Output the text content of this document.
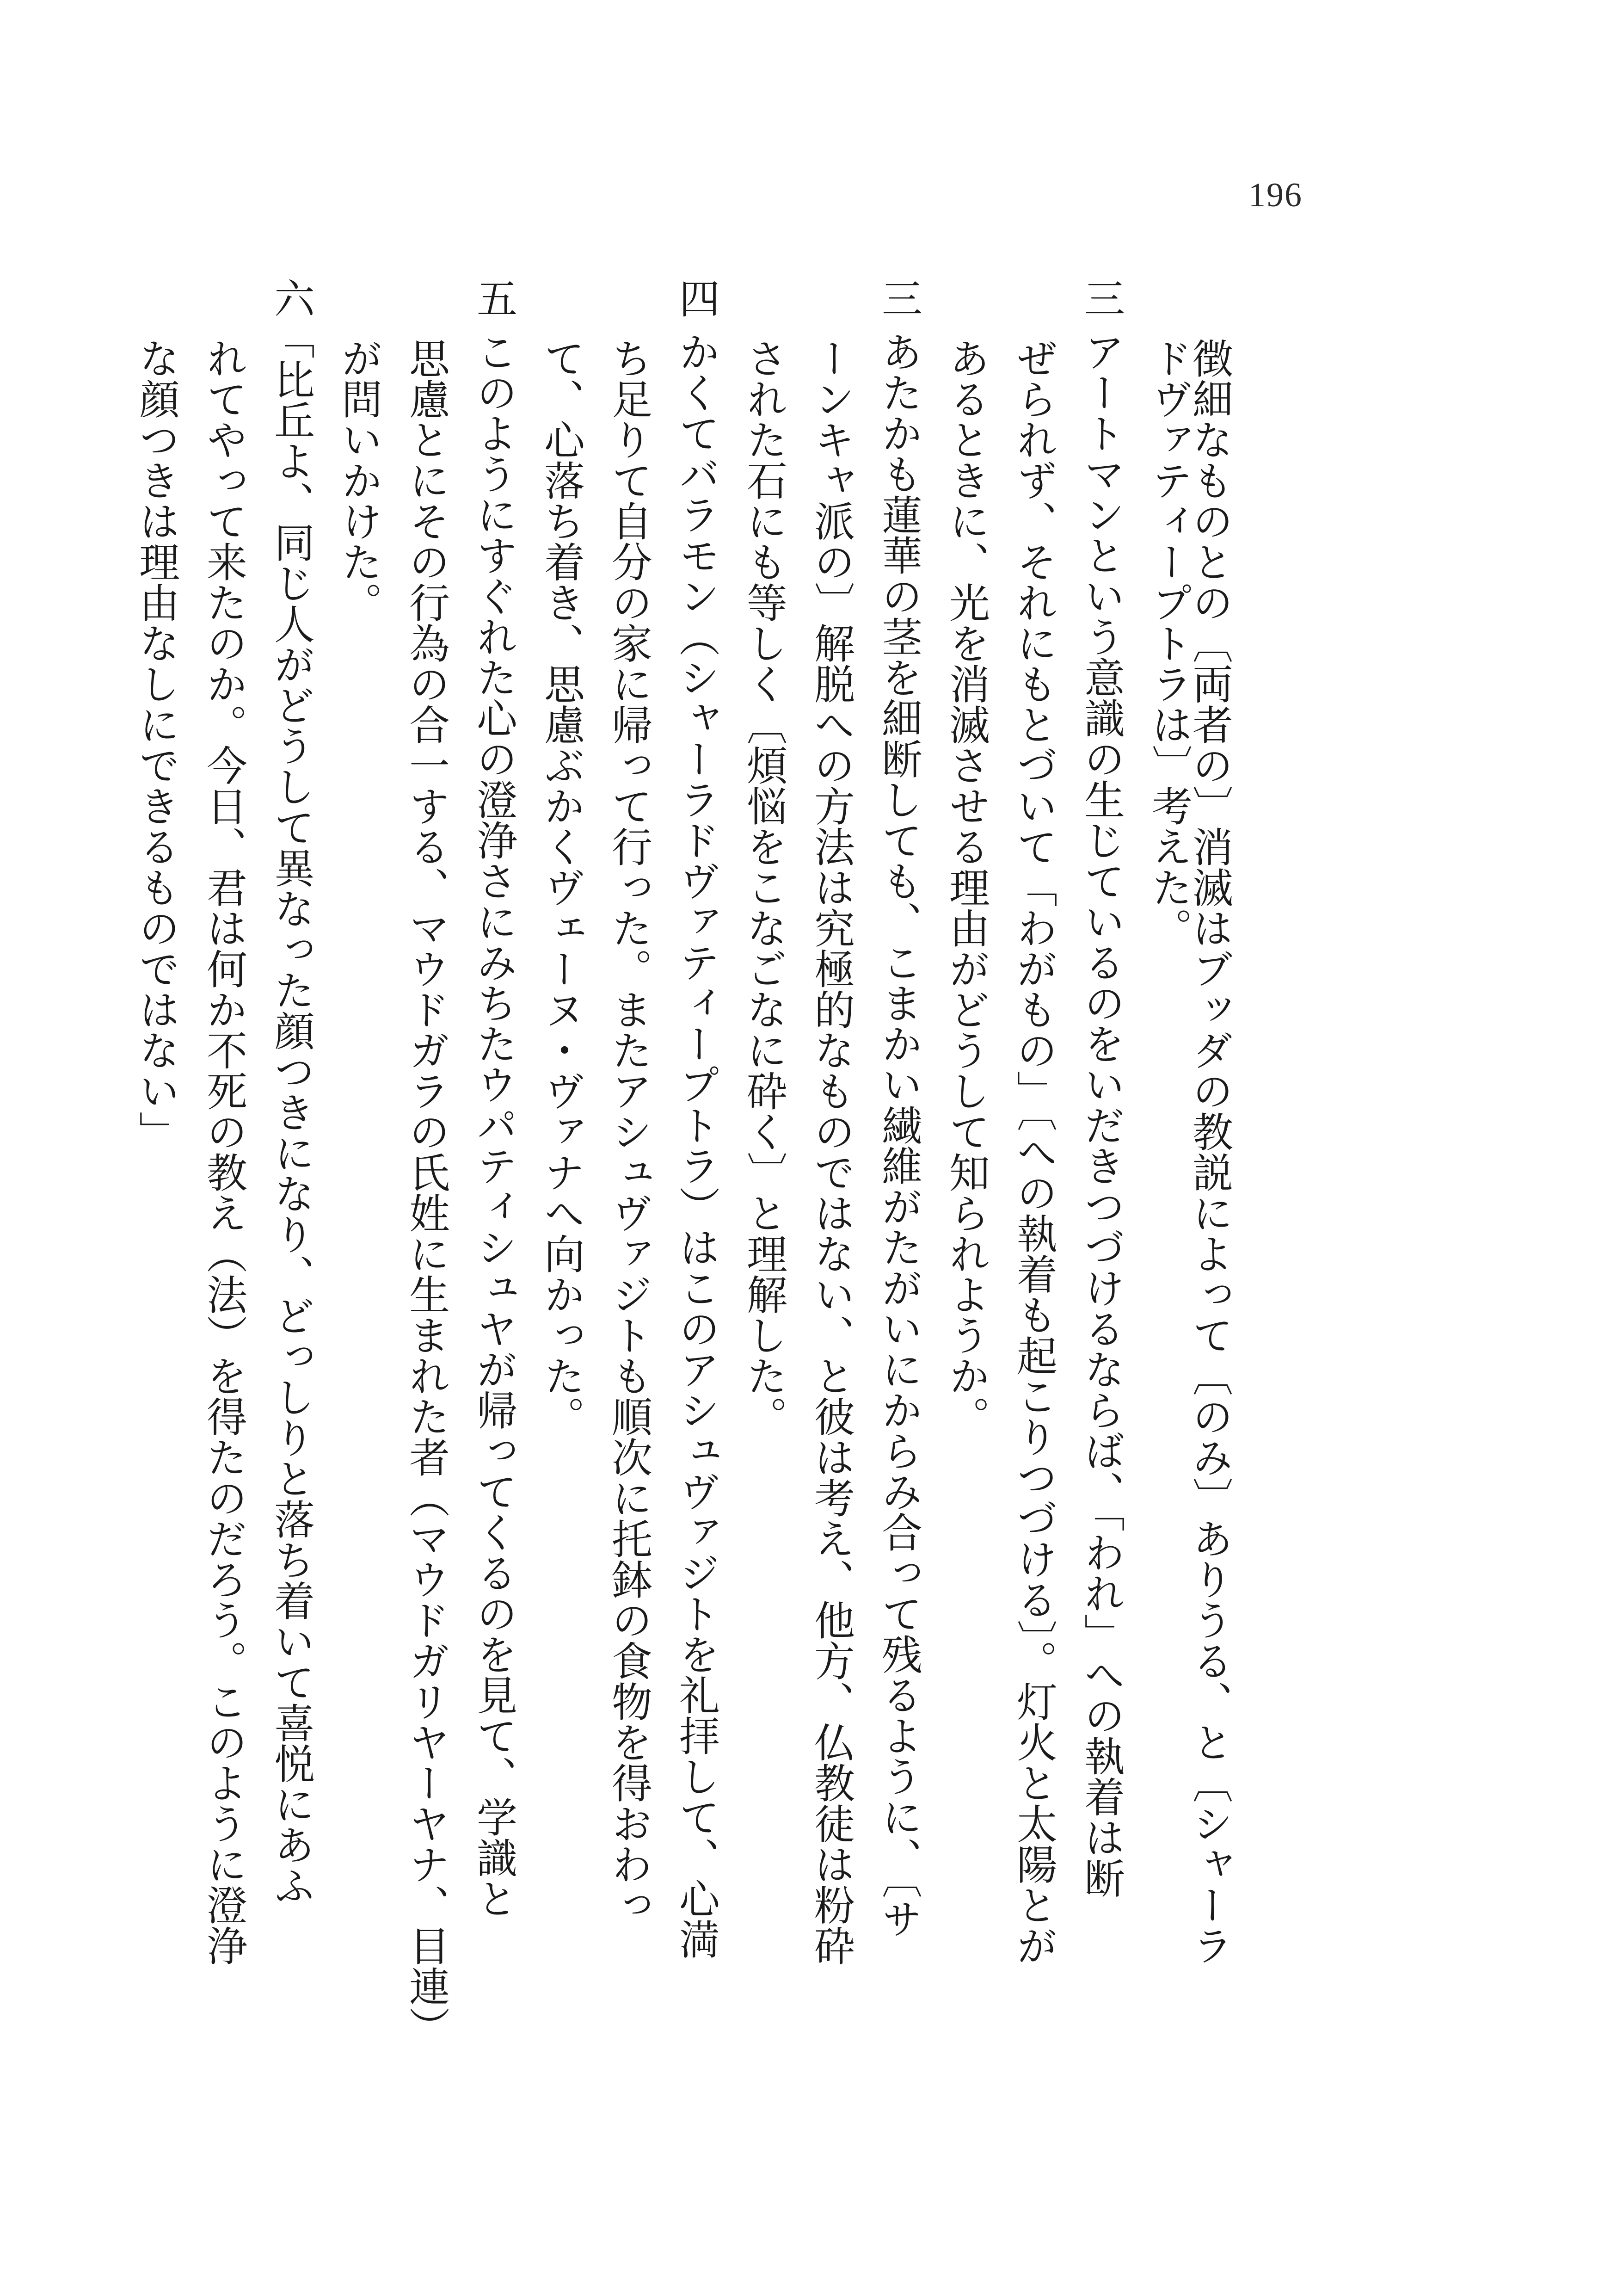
196
徴細なものとの〔両者の〕消滅はブッダの教説によって〔のみ〕ありうる、と〔シャーラ
ドヴァティープトラは〕考えた。
三 アートマンという意識の生じているのをいだきつづけるならば、「われ」への執着は断
ぜられず、それにもとづいて「わがもの」〔への執着も起こりつづける〕。灯火と太陽とが
あるときに、光を消滅させる理由がどうして知られようか。
三 あたかも蓮華の茎を細断しても、こまかい繊維がたがいにからみ合って残るように、〔サ
ーンキャ派の〕解脱への方法は究極的なものではない、と彼は考え、他方、仏教徒は粉砕
された石にも等しく〔煩悩をこなごなに砕く〕と理解した。
四 かくてバラモン（シャーラドヴァティープトラ）はこのアシュヴァジトを礼拝して、心満
ち足りて自分の家に帰って行った。またアシュヴァジトも順次に托鉢の食物を得おわっ
て、心落ち着き、思慮ぶかくヴェーヌ・ヴァナへ向かった。
五 このようにすぐれた心の澄浄さにみちたウパティシュヤが帰ってくるのを見て、学識と
思慮とにその行為の合一する、マウドガラの氏姓に生まれた者（マウドガリヤーヤナ、目連）
が問いかけた。
六「比丘よ、同じ人がどうして異なった顔つきになり、どっしりと落ち着いて喜悦にあふ
れてやって来たのか。今日、君は何か不死の教え（法）を得たのだろう。このように澄浄
な顔つきは理由なしにできるものではない」
